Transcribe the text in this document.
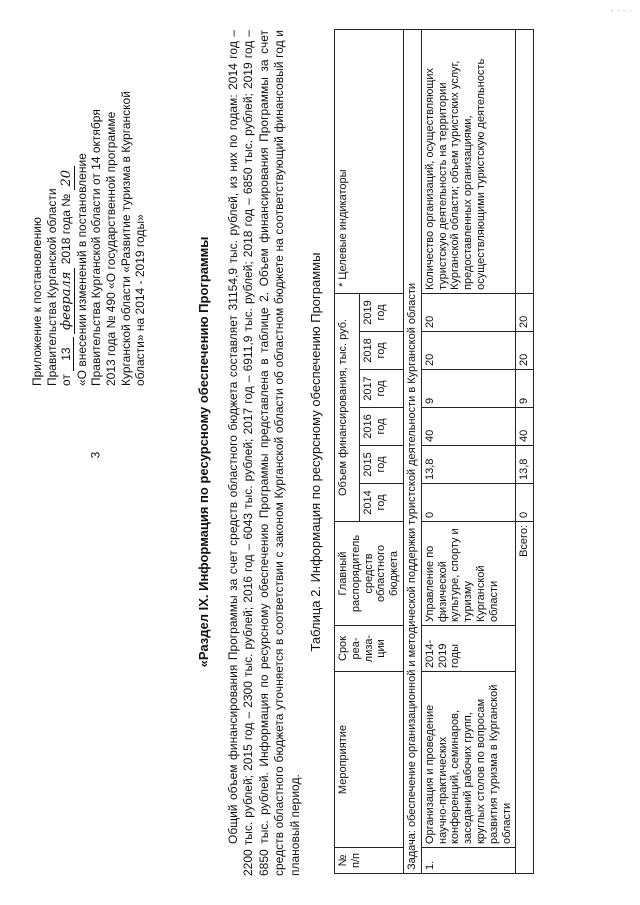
3
- - - -
Приложение к постановлению Правительства Курганской области от 13 февраля 2018 года № 20 «О внесении изменений в постановление Правительства Курганской области от 14 октября 2013 года № 490 «О государственной программе Курганской области «Развитие туризма в Курганской области» на 2014 - 2019 годы»	«Раздел IX. Информация по ресурсному обеспечению Программы Общий объем финансирования Программы за счет средств областного бюджета составляет 31154,9 тыс. рублей, из них по годам: 2014 год – 2200 тыс. рублей; 2015 год – 2300 тыс. рублей; 2016 год – 6043 тыс. рублей; 2017 год – 6911,9 тыс. рублей; 2018 год – 6850 тыс. рублей; 2019 год – 6850 тыс. рублей. Информация по ресурсному обеспечению Программы представлена в таблице 2. Объем финансирования Программы за счет средств областного бюджета уточняется в соответствии с законом Курганской области об областном бюджете на соответствующий финансовый год и плановый период.

Таблица 2. Информация по ресурсному обеспечению Программы
№ п/п	Мероприятие	Срок реа-лиза-ции	Главный распорядитель средств областного бюджета	Объем финансирования, тыс. руб.						* Целевые индикаторы
				2014 год	2015 год	2016 год	2017 год	2018 год	2019 год	
Задача: обеспечение организационной и методической поддержки туристской деятельности в Курганской области										
1.	Организация и проведение научно-практических конференций, семинаров, заседаний рабочих групп, круглых столов по вопросам развития туризма в Курганской области	2014-2019 годы	Управление по физической культуре, спорту и туризму Курганской области	0	13,8	40	9	20	20	Количество организаций, осуществляющих туристскую деятельность на территории Курганской области; объем туристских услуг, предоставленных организациями, осуществляющими туристскую деятельность
Всего:				0	13,8	40	9	20	20	
